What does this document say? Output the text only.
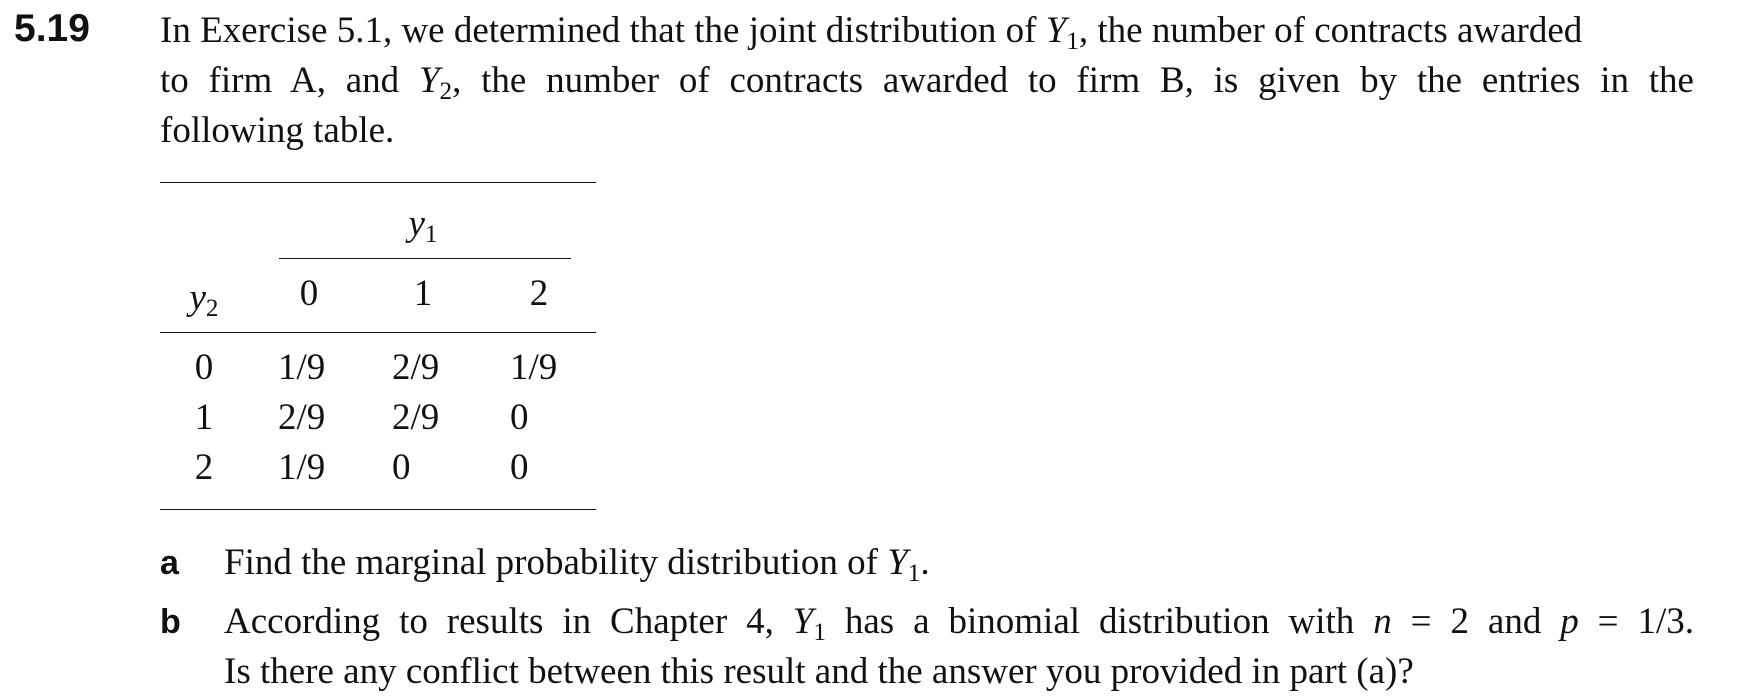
5.19 In Exercise 5.1, we determined that the joint distribution of $Y_1$, the number of contracts awarded
to firm A, and $Y_2$, the number of contracts awarded to firm B, is given by the entries in the
following table.
$y_1$
$y_2$ 0	1	2
0 1/9 2/9 1/9
1 2/9 2/9 0
2 1/9 0	0
a Find the marginal probability distribution of $Y_1$.
b According to results in Chapter 4, $Y_1$ has a binomial distribution with n = 2 and p = 1/3.
Is there any conflict between this result and the answer you provided in part (a)?
